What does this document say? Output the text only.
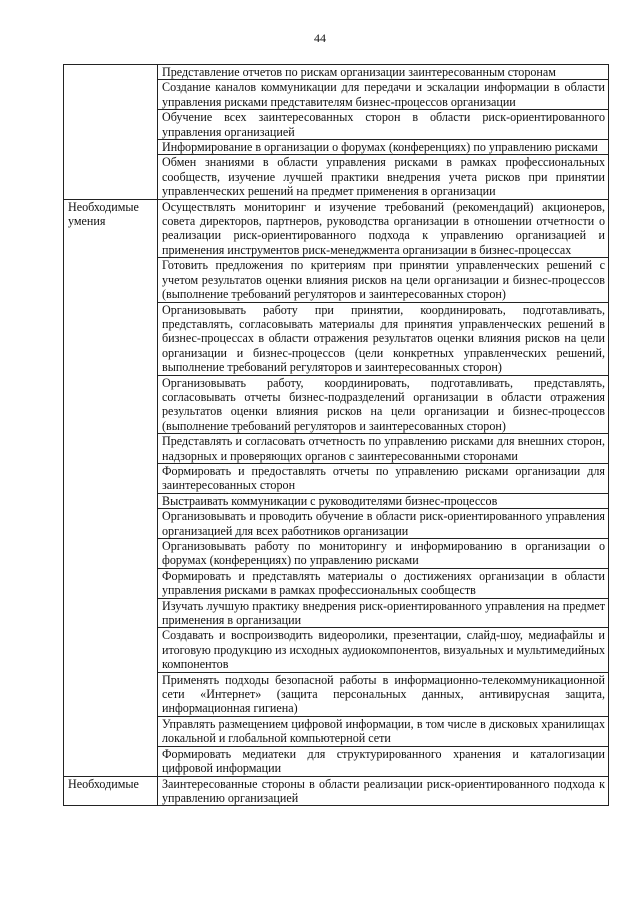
44
	Представление отчетов по рискам организации заинтересованным сторонам
	Создание каналов коммуникации для передачи и эскалации информации в области управления рисками представителям бизнес-процессов организации
	Обучение всех заинтересованных сторон в области риск-ориентированного управления организацией
	Информирование в организации о форумах (конференциях) по управлению рисками
	Обмен знаниями в области управления рисками в рамках профессиональных сообществ, изучение лучшей практики внедрения учета рисков при принятии управленческих решений на предмет применения в организации
Необходимые умения	Осуществлять мониторинг и изучение требований (рекомендаций) акционеров, совета директоров, партнеров, руководства организации в отношении отчетности о реализации риск-ориентированного подхода к управлению организацией и применения инструментов риск-менеджмента организации в бизнес-процессах
	Готовить предложения по критериям при принятии управленческих решений с учетом результатов оценки влияния рисков на цели организации и бизнес-процессов (выполнение требований регуляторов и заинтересованных сторон)
	Организовывать работу при принятии, координировать, подготавливать, представлять, согласовывать материалы для принятия управленческих решений в бизнес-процессах в области отражения результатов оценки влияния рисков на цели организации и бизнес-процессов (цели конкретных управленческих решений, выполнение требований регуляторов и заинтересованных сторон)
	Организовывать работу, координировать, подготавливать, представлять, согласовывать отчеты бизнес-подразделений организации в области отражения результатов оценки влияния рисков на цели организации и бизнес-процессов (выполнение требований регуляторов и заинтересованных сторон)
	Представлять и согласовать отчетность по управлению рисками для внешних сторон, надзорных и проверяющих органов с заинтересованными сторонами
	Формировать и предоставлять отчеты по управлению рисками организации для заинтересованных сторон
	Выстраивать коммуникации с руководителями бизнес-процессов
	Организовывать и проводить обучение в области риск-ориентированного управления организацией для всех работников организации
	Организовывать работу по мониторингу и информированию в организации о форумах (конференциях) по управлению рисками
	Формировать и представлять материалы о достижениях организации в области управления рисками в рамках профессиональных сообществ
	Изучать лучшую практику внедрения риск-ориентированного управления на предмет применения в организации
	Создавать и воспроизводить видеоролики, презентации, слайд-шоу, медиафайлы и итоговую продукцию из исходных аудиокомпонентов, визуальных и мультимедийных компонентов
	Применять подходы безопасной работы в информационно-телекоммуникационной сети «Интернет» (защита персональных данных, антивирусная защита, информационная гигиена)
	Управлять размещением цифровой информации, в том числе в дисковых хранилищах локальной и глобальной компьютерной сети
	Формировать медиатеки для структурированного хранения и каталогизации цифровой информации
Необходимые	Заинтересованные стороны в области реализации риск-ориентированного подхода к управлению организацией
